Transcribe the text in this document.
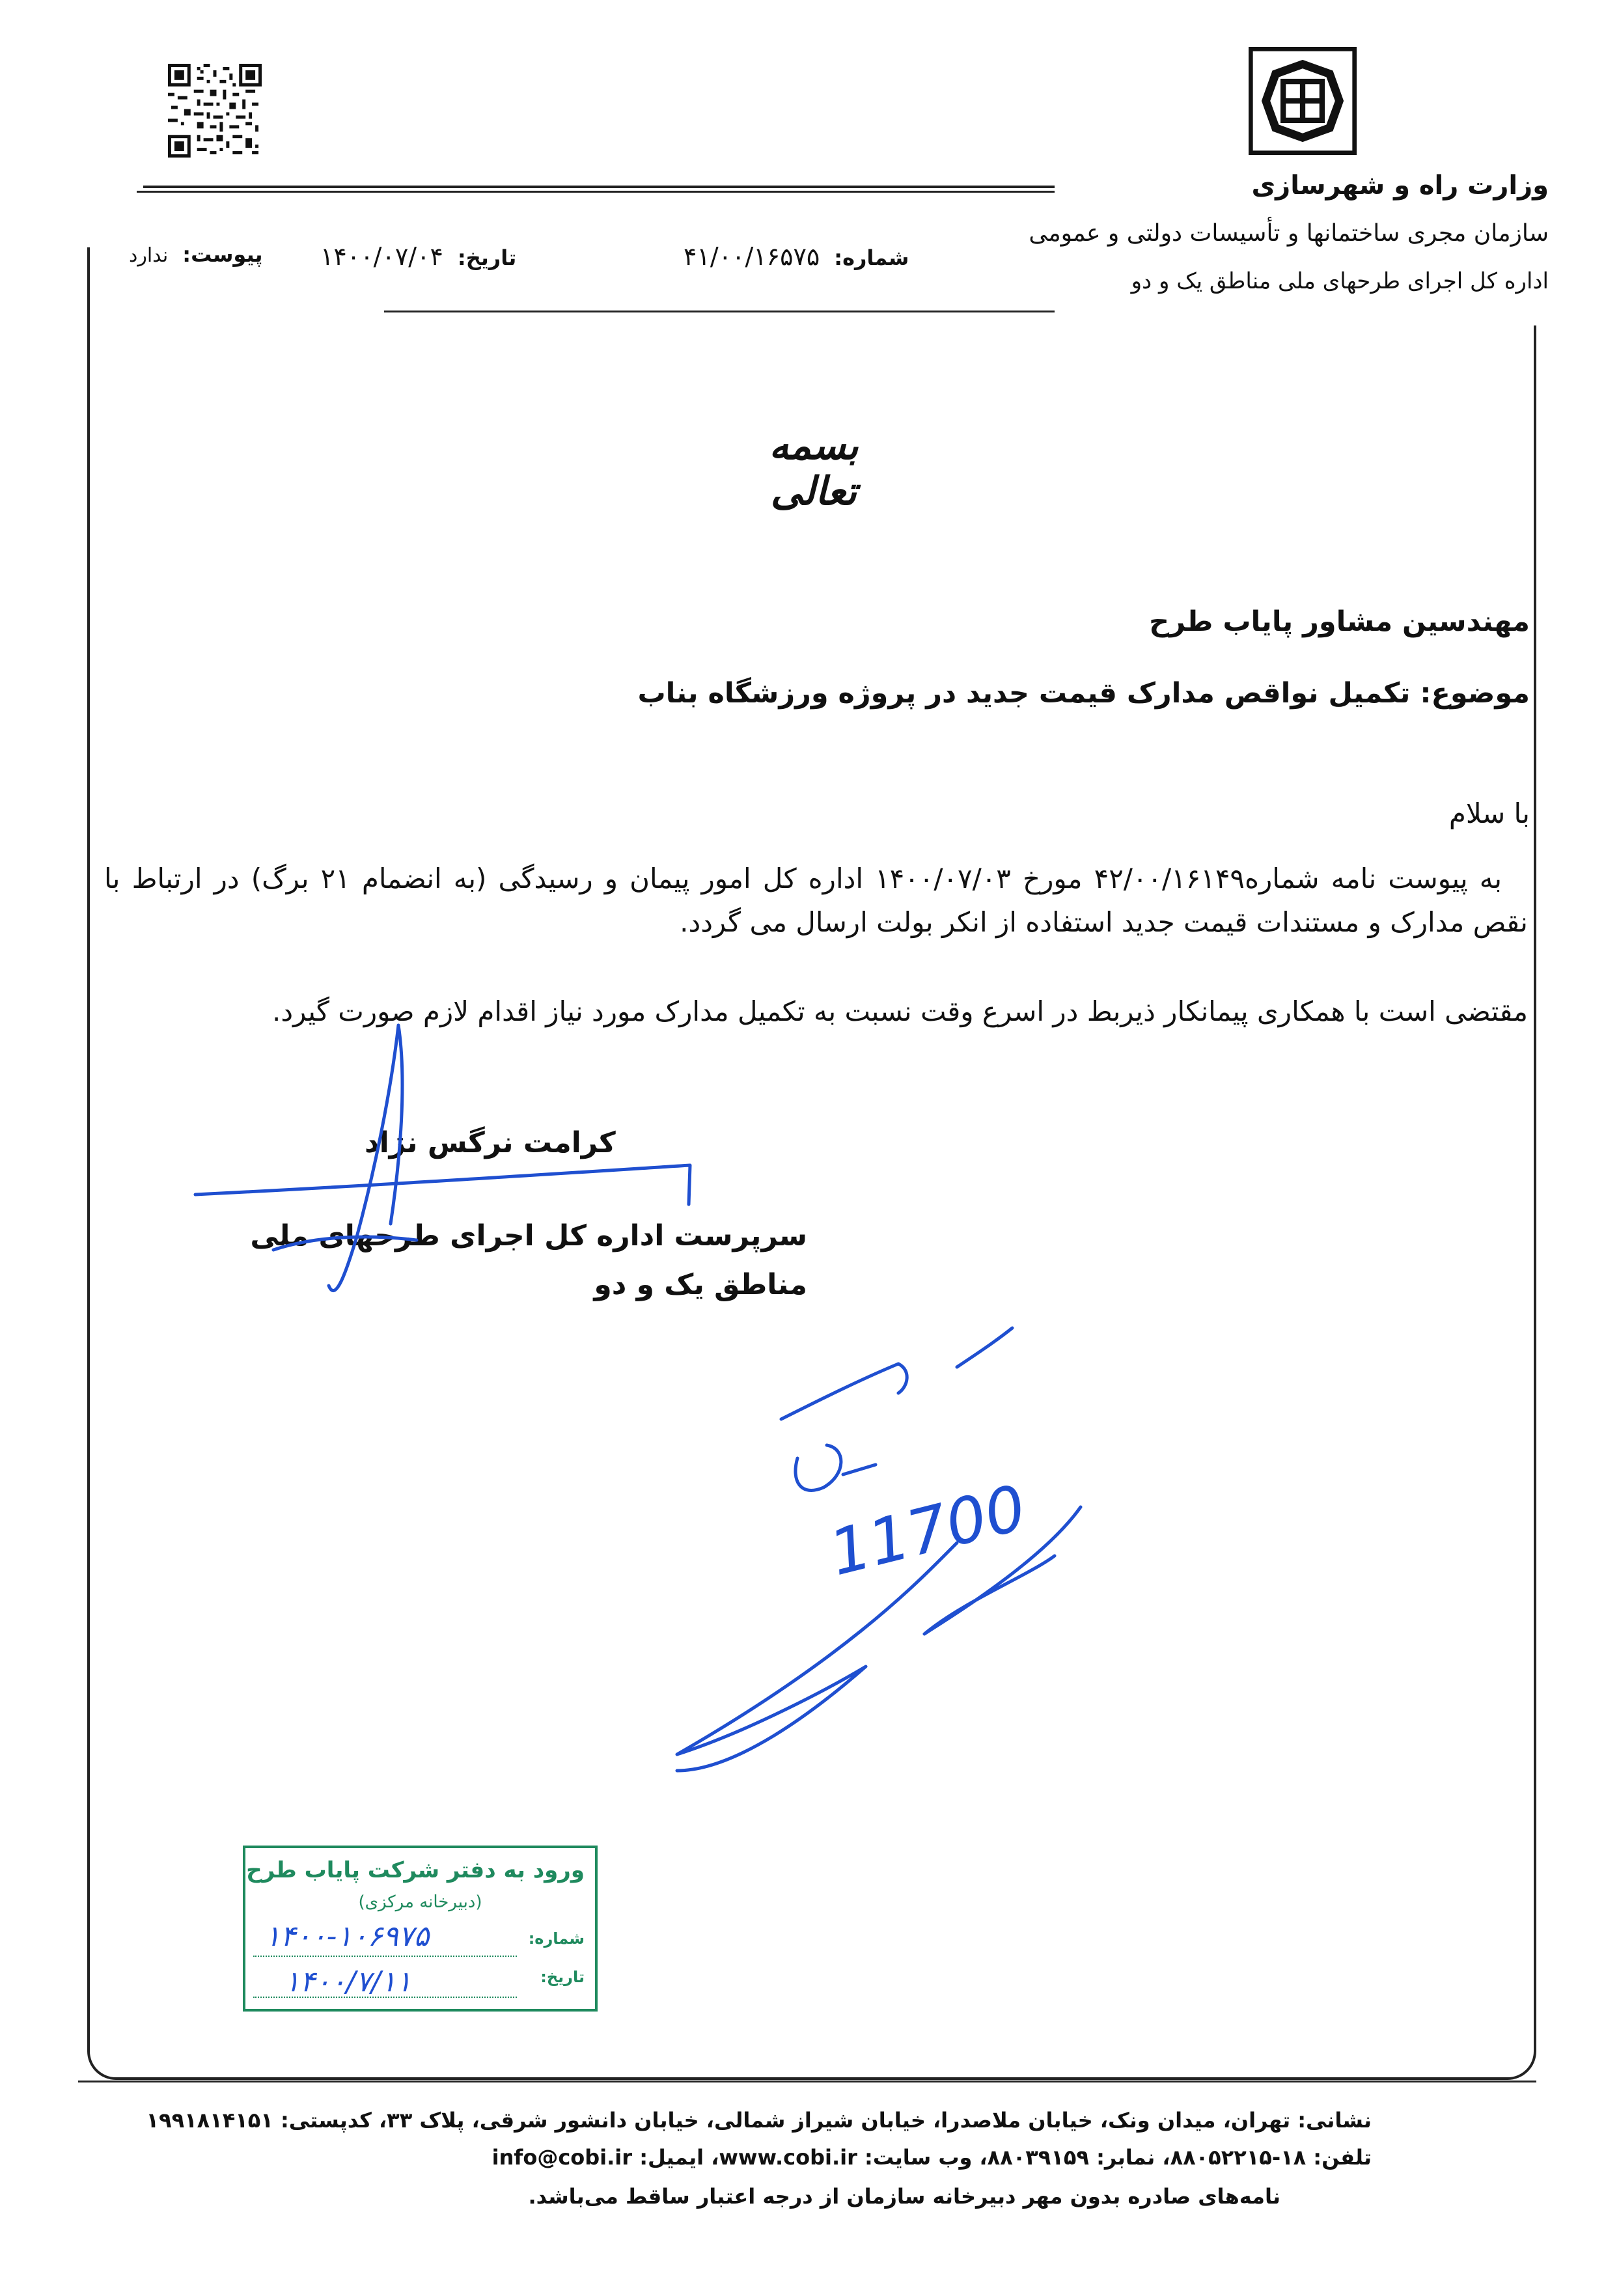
وزارت راه و شهرسازی
سازمان مجری ساختمانها و تأسیسات دولتی و عمومی
اداره کل اجرای طرحهای ملی مناطق یک و دو
شماره:۴۱/۰۰/۱۶۵۷۵
تاریخ:۱۴۰۰/۰۷/۰۴
پیوست:ندارد
بسمه تعالی
مهندسین مشاور پایاب طرح
موضوع: تکمیل نواقص مدارک قیمت جدید در پروژه ورزشگاه بناب
با سلام
به پیوست نامه شماره۴۲/۰۰/۱۶۱۴۹ مورخ ۱۴۰۰/۰۷/۰۳ اداره کل امور پیمان و رسیدگی (به انضمام ۲۱ برگ) در ارتباط با نقص مدارک و مستندات قیمت جدید استفاده از انکر بولت ارسال می گردد.
مقتضی است با همکاری پیمانکار ذیربط در اسرع وقت نسبت به تکمیل مدارک مورد نیاز اقدام لازم صورت گیرد.
کرامت نرگس نژاد
سرپرست اداره کل اجرای طرحهای ملی مناطق یک و دو
11700
ورود به دفتر شرکت پایاب طرح
(دبیرخانه مرکزی)
شماره:
تاریخ:
۱۴۰۰-۱۰۶۹۷۵
۱۴۰۰/۷/۱۱
نشانی: تهران، میدان ونک، خیابان ملاصدرا، خیابان شیراز شمالی، خیابان دانشور شرقی، پلاک ۳۳، کدپستی: ۱۹۹۱۸۱۴۱۵۱
تلفن: ۱۸-۸۸۰۵۲۲۱۵، نمابر: ۸۸۰۳۹۱۵۹، وب سایت: www.cobi.ir، ایمیل: info@cobi.ir
نامه‌های صادره بدون مهر دبیرخانه سازمان از درجه اعتبار ساقط می‌باشد.
